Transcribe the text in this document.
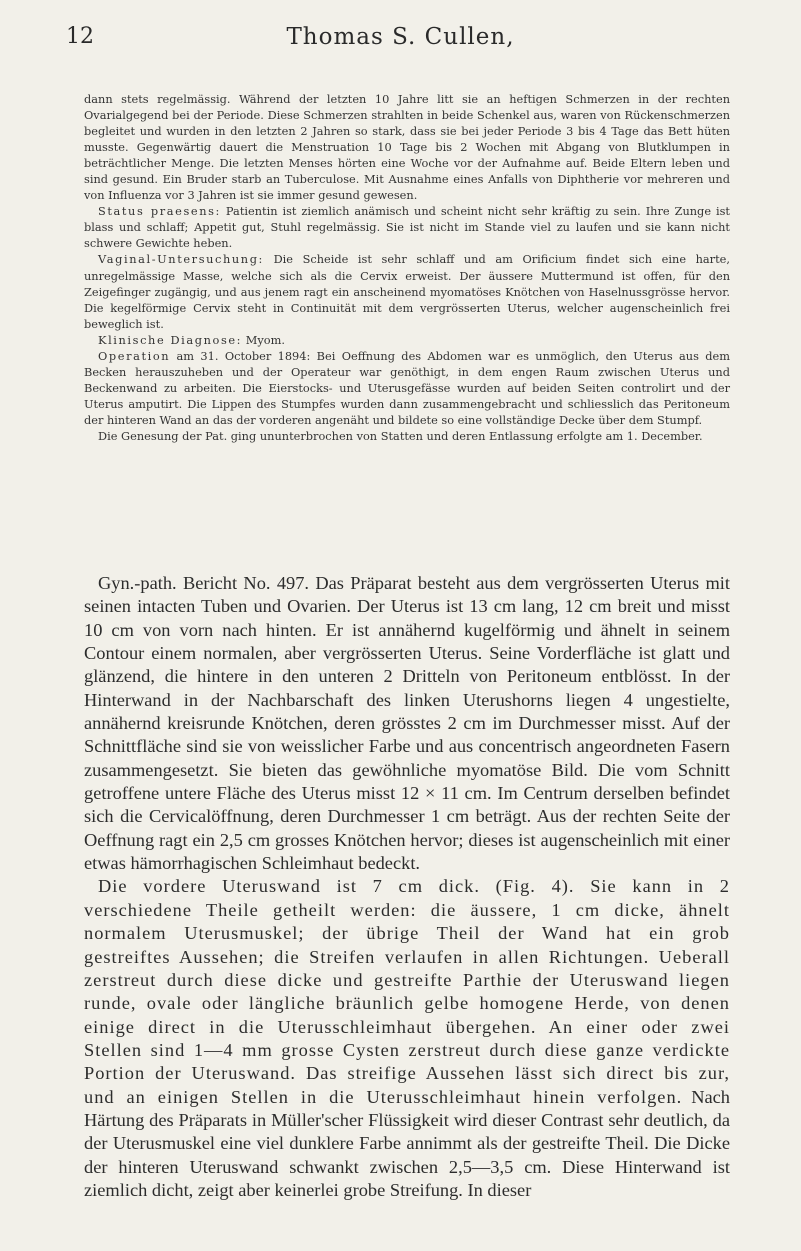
12	Thomas S. Cullen,

dann stets regelmässig. Während der letzten 10 Jahre litt sie an heftigen Schmerzen in der rechten Ovarialgegend bei der Periode. Diese Schmerzen strahlten in beide Schenkel aus, waren von Rückenschmerzen begleitet und wurden in den letzten 2 Jahren so stark, dass sie bei jeder Periode 3 bis 4 Tage das Bett hüten musste. Gegenwärtig dauert die Menstruation 10 Tage bis 2 Wochen mit Abgang von Blutklumpen in beträchtlicher Menge. Die letzten Menses hörten eine Woche vor der Aufnahme auf. Beide Eltern leben und sind gesund. Ein Bruder starb an Tuberculose. Mit Ausnahme eines Anfalls von Diphtherie vor mehreren und von Influenza vor 3 Jahren ist sie immer gesund gewesen.

Status praesens: Patientin ist ziemlich anämisch und scheint nicht sehr kräftig zu sein. Ihre Zunge ist blass und schlaff; Appetit gut, Stuhl regelmässig. Sie ist nicht im Stande viel zu laufen und sie kann nicht schwere Gewichte heben.

Vaginal-Untersuchung: Die Scheide ist sehr schlaff und am Orificium findet sich eine harte, unregelmässige Masse, welche sich als die Cervix erweist. Der äussere Muttermund ist offen, für den Zeigefinger zugängig, und aus jenem ragt ein anscheinend myomatöses Knötchen von Haselnussgrösse hervor. Die kegelförmige Cervix steht in Continuität mit dem vergrösserten Uterus, welcher augenscheinlich frei beweglich ist.

Klinische Diagnose: Myom.

Operation am 31. October 1894: Bei Oeffnung des Abdomen war es unmöglich, den Uterus aus dem Becken herauszuheben und der Operateur war genöthigt, in dem engen Raum zwischen Uterus und Beckenwand zu arbeiten. Die Eierstocks- und Uterusgefässe wurden auf beiden Seiten controlirt und der Uterus amputirt. Die Lippen des Stumpfes wurden dann zusammengebracht und schliesslich das Peritoneum der hinteren Wand an das der vorderen angenäht und bildete so eine vollständige Decke über dem Stumpf.

Die Genesung der Pat. ging ununterbrochen von Statten und deren Entlassung erfolgte am 1. December.

Gyn.-path. Bericht No. 497. Das Präparat besteht aus dem vergrösserten Uterus mit seinen intacten Tuben und Ovarien. Der Uterus ist 13 cm lang, 12 cm breit und misst 10 cm von vorn nach hinten. Er ist annähernd kugelförmig und ähnelt in seinem Contour einem normalen, aber vergrösserten Uterus. Seine Vorderfläche ist glatt und glänzend, die hintere in den unteren 2 Dritteln von Peritoneum entblösst. In der Hinterwand in der Nachbarschaft des linken Uterushorns liegen 4 ungestielte, annähernd kreisrunde Knötchen, deren grösstes 2 cm im Durchmesser misst. Auf der Schnittfläche sind sie von weisslicher Farbe und aus concentrisch angeordneten Fasern zusammengesetzt. Sie bieten das gewöhnliche myomatöse Bild. Die vom Schnitt getroffene untere Fläche des Uterus misst 12 × 11 cm. Im Centrum derselben befindet sich die Cervicalöffnung, deren Durchmesser 1 cm beträgt. Aus der rechten Seite der Oeffnung ragt ein 2,5 cm grosses Knötchen hervor; dieses ist augenscheinlich mit einer etwas hämorrhagischen Schleimhaut bedeckt.

Die vordere Uteruswand ist 7 cm dick. (Fig. 4). Sie kann in 2 verschiedene Theile getheilt werden: die äussere, 1 cm dicke, ähnelt normalem Uterusmuskel; der übrige Theil der Wand hat ein grob gestreiftes Aussehen; die Streifen verlaufen in allen Richtungen. Ueberall zerstreut durch diese dicke und gestreifte Parthie der Uteruswand liegen runde, ovale oder längliche bräunlich gelbe homogene Herde, von denen einige direct in die Uterusschleimhaut übergehen. An einer oder zwei Stellen sind 1—4 mm grosse Cysten zerstreut durch diese ganze verdickte Portion der Uteruswand. Das streifige Aussehen lässt sich direct bis zur, und an einigen Stellen in die Uterusschleimhaut hinein verfolgen. Nach Härtung des Präparats in Müller'scher Flüssigkeit wird dieser Contrast sehr deutlich, da der Uterusmuskel eine viel dunklere Farbe annimmt als der gestreifte Theil. Die Dicke der hinteren Uteruswand schwankt zwischen 2,5—3,5 cm. Diese Hinterwand ist ziemlich dicht, zeigt aber keinerlei grobe Streifung. In dieser
